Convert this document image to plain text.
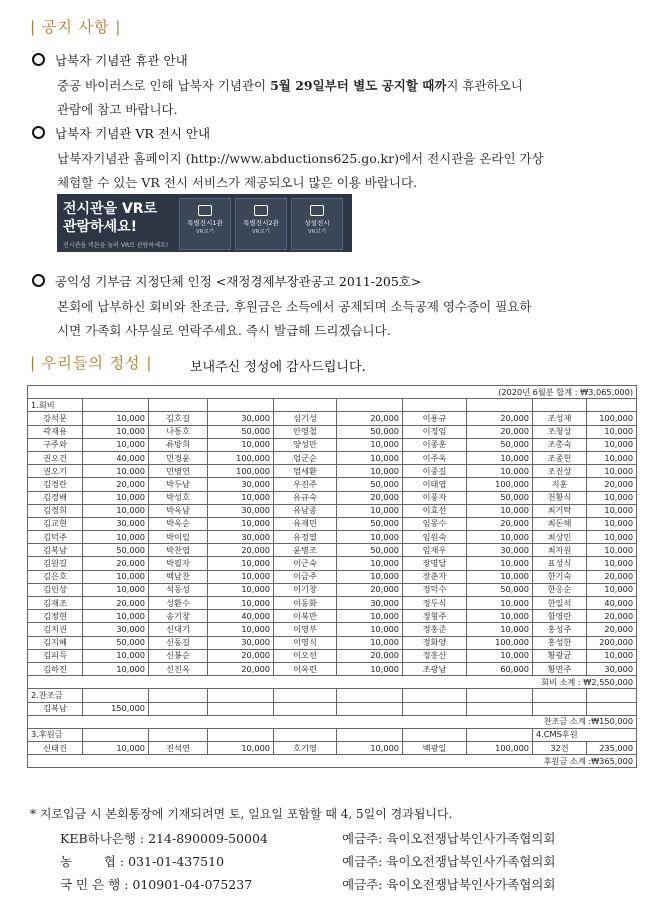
| 공지 사항 |
납북자 기념관 휴관 안내
중공 바이러스로 인해 납북자 기념관이 5월 29일부터 별도 공지할 때까지 휴관하오니
관람에 참고 바랍니다.
납북자 기념관 VR 전시 안내
납북자기념관 홈페이지 (http://www.abductions625.go.kr)에서 전시관을 온라인 가상
체험할 수 있는 VR 전시 서비스가 제공되오니 많은 이용 바랍니다.
전시관을 VR로
관람하세요!
전시관을 버튼을 눌러 VR로 관람하세요!
특별전시1관
VR보기
특별전시2관
VR보기
상설전시
VR보기
공익성 기부금 지정단체 인정 <재정경제부장관공고 2011-205호>
본회에 납부하신 회비와 찬조금, 후원금은 소득에서 공제되며 소득공제 영수증이 필요하
시면 가족회 사무실로 연락주세요. 즉시 발급해 드리겠습니다.
| 우리들의 정성 |	보내주신 정성에 감사드립니다.
(2020년 6월분 합계 : ₩3,065,000)									
1.회비									
강석문	10,000	김호길	30,000	심기성	20,000	이용규	20,000	조성재	100,000
곽재용	10,000	나통호	50,000	안영철	50,000	이정임	20,000	조청상	10,000
구주와	10,000	류방희	10,000	양성만	10,000	이종훈	50,000	조총숙	10,000
권오건	40,000	민경윤	100,000	엄군순	10,000	이주옥	10,000	조종헌	10,000
권오기	10,000	민병연	100,000	엄세환	10,000	이중길	10,000	조진상	10,000
김경란	20,000	박두남	30,000	우진주	50,000	이태엽	100,000	지훈	20,000
김경배	10,000	박성호	10,000	유규숙	20,000	이풍자	50,000	천황식	10,000
김경희	10,000	박옥남	30,000	유남종	10,000	이효선	10,000	최기탁	10,000
김교현	30,000	박옥순	10,000	유재민	50,000	임몽수	20,000	최돈해	10,000
김덕주	10,000	박이일	30,000	유정열	10,000	임원숙	10,000	최상민	10,000
김복남	50,000	박찬엽	20,000	윤병조	50,000	임재우	30,000	최자원	10,000
김원길	20,000	박필자	10,000	이근숙	10,000	장명달	10,000	표성식	10,000
김은호	10,000	백남찬	10,000	이금주	10,000	장춘자	10,000	한기숙	20,000
김인상	10,000	석동성	10,000	이기창	20,000	정덕수	50,000	한응순	10,000
김재조	20,000	성환수	10,000	이동화	30,000	정두식	10,000	한일석	40,000
김정현	10,000	송기창	40,000	이북만	10,000	정형주	10,000	함영란	20,000
김지권	30,000	신대기	10,000	이영부	10,000	정홍준	10,000	홍성주	20,000
김지혜	50,000	신동길	30,000	이영식	10,000	정화양	100,000	홍성한	200,000
김피득	10,000	신봉순	20,000	이오선	20,000	정흥산	10,000	황광균	10,000
김하진	10,000	신진옥	20,000	이옥련	10,000	조광남	60,000	황면주	30,000
회비 소계 : ₩2,550,000									
2.찬조금									
김복남	150,000								
찬조금 소계 :₩150,000									
3.후원금								4.CMS후원	
신태건	10,000	진석연	10,000	호기영	10,000	백광일	100,000	32건	235,000
후원금 소계 :₩365,000									
* 지로입금 시 본회통장에 기재되려면 토, 일요일 포함할 때 4, 5일이 경과됩니다.
KEB하나은행 : 214-890009-50004	예금주: 육이오전쟁납북인사가족협의회
농        협 : 031-01-437510	예금주: 육이오전쟁납북인사가족협의회
국 민 은 행 : 010901-04-075237	예금주: 육이오전쟁납북인사가족협의회
